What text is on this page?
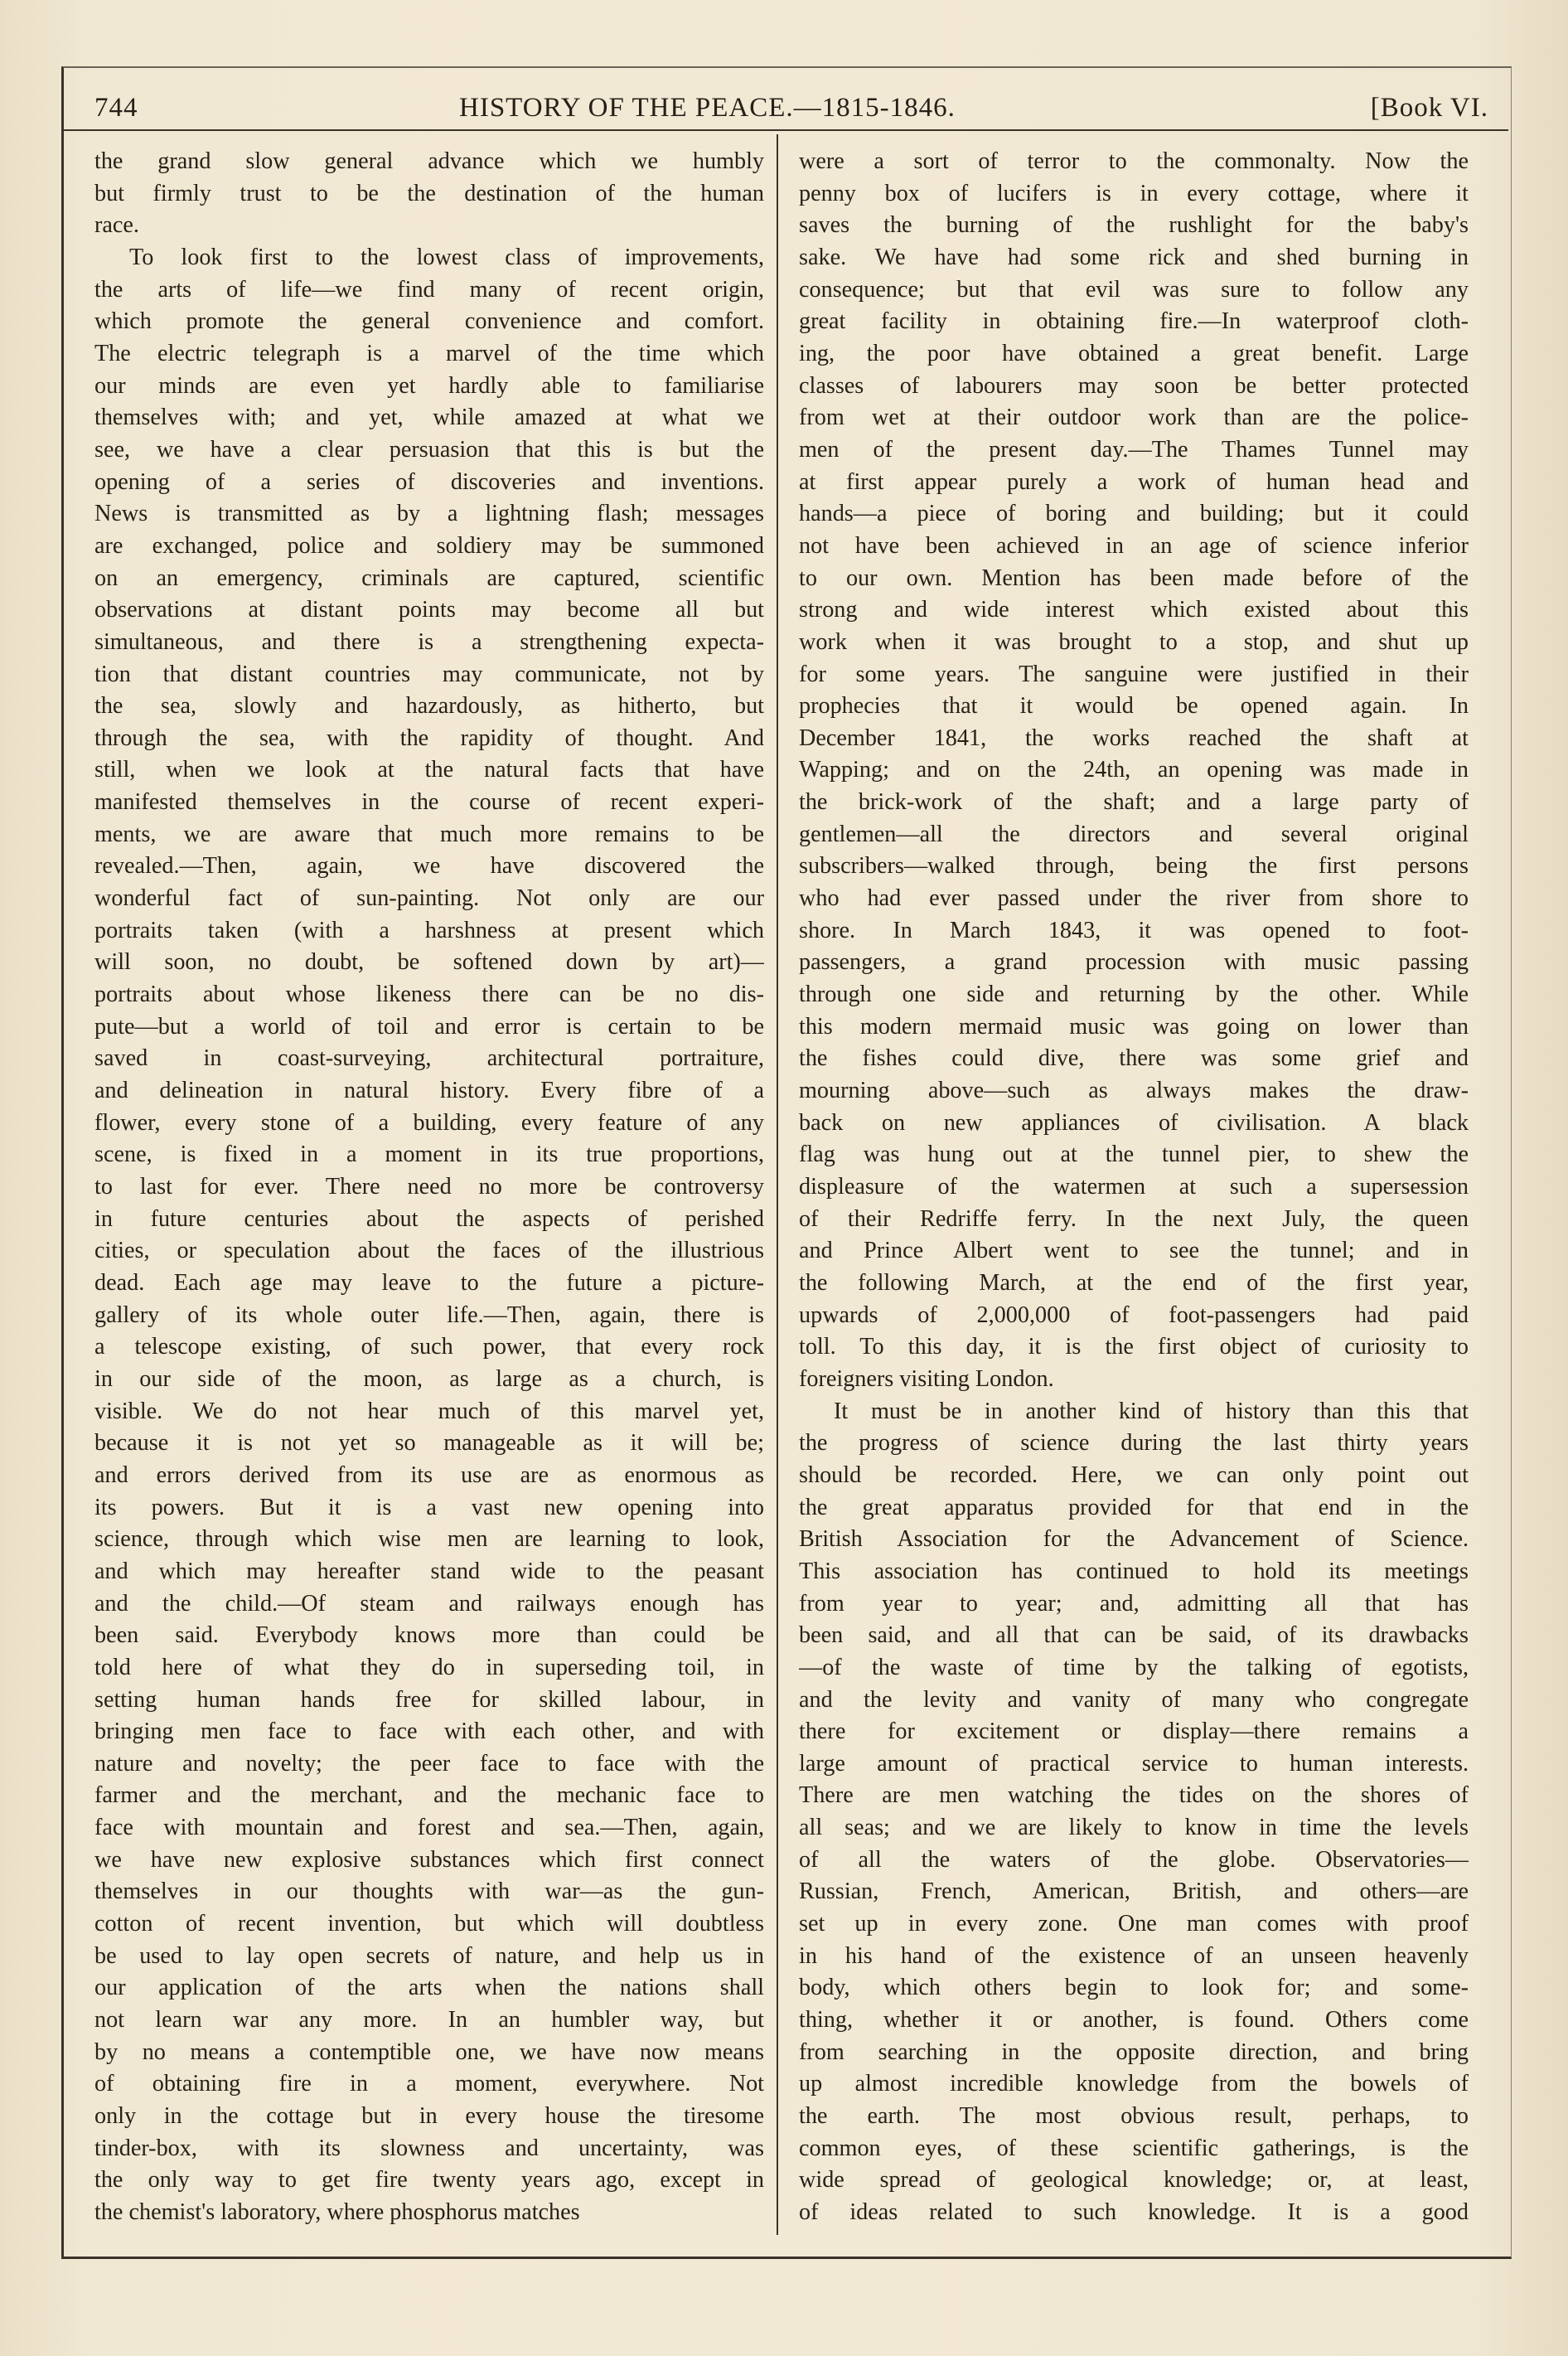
744	HISTORY OF THE PEACE.—1815-1846.	[Book VI.
the grand slow general advance which we humbly
but firmly trust to be the destination of the human
race.
To look first to the lowest class of improvements,
the arts of life—we find many of recent origin,
which promote the general convenience and comfort.
The electric telegraph is a marvel of the time which
our minds are even yet hardly able to familiarise
themselves with; and yet, while amazed at what we
see, we have a clear persuasion that this is but the
opening of a series of discoveries and inventions.
News is transmitted as by a lightning flash; messages
are exchanged, police and soldiery may be summoned
on an emergency, criminals are captured, scientific
observations at distant points may become all but
simultaneous, and there is a strengthening expecta-
tion that distant countries may communicate, not by
the sea, slowly and hazardously, as hitherto, but
through the sea, with the rapidity of thought. And
still, when we look at the natural facts that have
manifested themselves in the course of recent experi-
ments, we are aware that much more remains to be
revealed.—Then, again, we have discovered the
wonderful fact of sun-painting. Not only are our
portraits taken (with a harshness at present which
will soon, no doubt, be softened down by art)—
portraits about whose likeness there can be no dis-
pute—but a world of toil and error is certain to be
saved in coast-surveying, architectural portraiture,
and delineation in natural history. Every fibre of a
flower, every stone of a building, every feature of any
scene, is fixed in a moment in its true proportions,
to last for ever. There need no more be controversy
in future centuries about the aspects of perished
cities, or speculation about the faces of the illustrious
dead. Each age may leave to the future a picture-
gallery of its whole outer life.—Then, again, there is
a telescope existing, of such power, that every rock
in our side of the moon, as large as a church, is
visible. We do not hear much of this marvel yet,
because it is not yet so manageable as it will be;
and errors derived from its use are as enormous as
its powers. But it is a vast new opening into
science, through which wise men are learning to look,
and which may hereafter stand wide to the peasant
and the child.—Of steam and railways enough has
been said. Everybody knows more than could be
told here of what they do in superseding toil, in
setting human hands free for skilled labour, in
bringing men face to face with each other, and with
nature and novelty; the peer face to face with the
farmer and the merchant, and the mechanic face to
face with mountain and forest and sea.—Then, again,
we have new explosive substances which first connect
themselves in our thoughts with war—as the gun-
cotton of recent invention, but which will doubtless
be used to lay open secrets of nature, and help us in
our application of the arts when the nations shall
not learn war any more. In an humbler way, but
by no means a contemptible one, we have now means
of obtaining fire in a moment, everywhere. Not
only in the cottage but in every house the tiresome
tinder-box, with its slowness and uncertainty, was
the only way to get fire twenty years ago, except in
the chemist's laboratory, where phosphorus matches
were a sort of terror to the commonalty. Now the
penny box of lucifers is in every cottage, where it
saves the burning of the rushlight for the baby's
sake. We have had some rick and shed burning in
consequence; but that evil was sure to follow any
great facility in obtaining fire.—In waterproof cloth-
ing, the poor have obtained a great benefit. Large
classes of labourers may soon be better protected
from wet at their outdoor work than are the police-
men of the present day.—The Thames Tunnel may
at first appear purely a work of human head and
hands—a piece of boring and building; but it could
not have been achieved in an age of science inferior
to our own. Mention has been made before of the
strong and wide interest which existed about this
work when it was brought to a stop, and shut up
for some years. The sanguine were justified in their
prophecies that it would be opened again. In
December 1841, the works reached the shaft at
Wapping; and on the 24th, an opening was made in
the brick-work of the shaft; and a large party of
gentlemen—all the directors and several original
subscribers—walked through, being the first persons
who had ever passed under the river from shore to
shore. In March 1843, it was opened to foot-
passengers, a grand procession with music passing
through one side and returning by the other. While
this modern mermaid music was going on lower than
the fishes could dive, there was some grief and
mourning above—such as always makes the draw-
back on new appliances of civilisation. A black
flag was hung out at the tunnel pier, to shew the
displeasure of the watermen at such a supersession
of their Redriffe ferry. In the next July, the queen
and Prince Albert went to see the tunnel; and in
the following March, at the end of the first year,
upwards of 2,000,000 of foot-passengers had paid
toll. To this day, it is the first object of curiosity to
foreigners visiting London.
It must be in another kind of history than this that
the progress of science during the last thirty years
should be recorded. Here, we can only point out
the great apparatus provided for that end in the
British Association for the Advancement of Science.
This association has continued to hold its meetings
from year to year; and, admitting all that has
been said, and all that can be said, of its drawbacks
—of the waste of time by the talking of egotists,
and the levity and vanity of many who congregate
there for excitement or display—there remains a
large amount of practical service to human interests.
There are men watching the tides on the shores of
all seas; and we are likely to know in time the levels
of all the waters of the globe. Observatories—
Russian, French, American, British, and others—are
set up in every zone. One man comes with proof
in his hand of the existence of an unseen heavenly
body, which others begin to look for; and some-
thing, whether it or another, is found. Others come
from searching in the opposite direction, and bring
up almost incredible knowledge from the bowels of
the earth. The most obvious result, perhaps, to
common eyes, of these scientific gatherings, is the
wide spread of geological knowledge; or, at least,
of ideas related to such knowledge. It is a good
